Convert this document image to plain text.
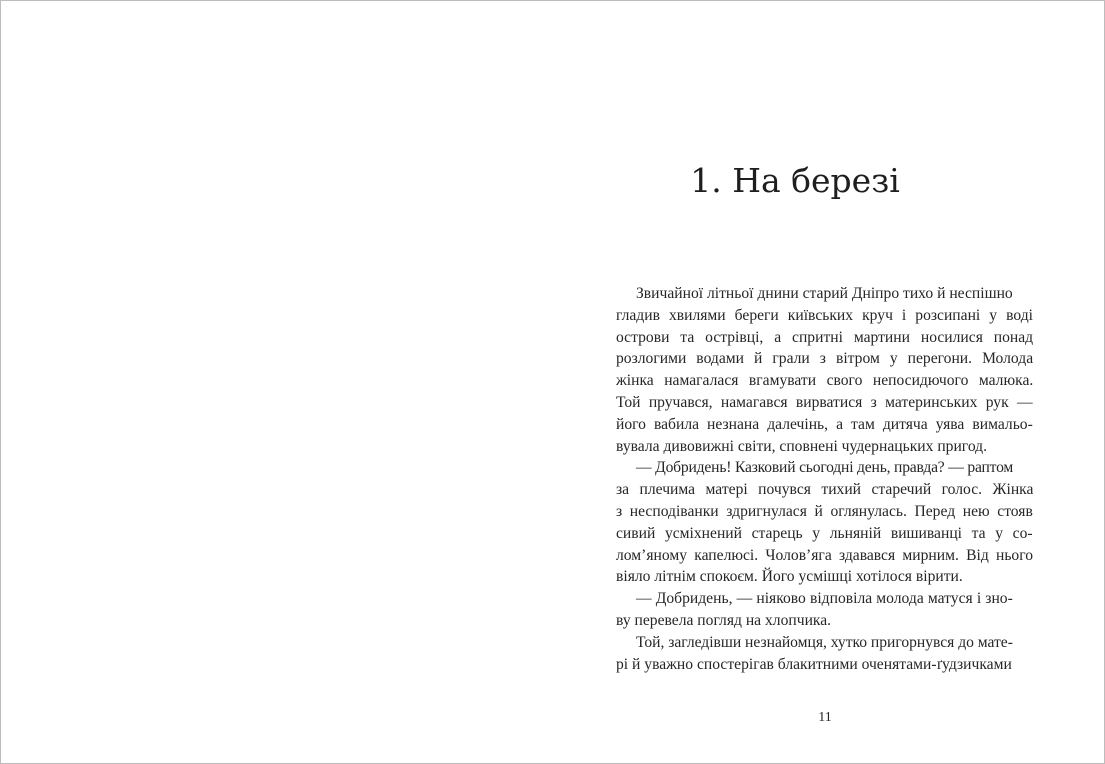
1. На березі
Звичайної літньої днини старий Дніпро тихо й неспішно
гладив хвилями береги київських круч і розсипані у воді
острови та острівці, а спритні мартини носилися понад
розлогими водами й грали з вітром у перегони. Молода
жінка намагалася вгамувати свого непосидючого малюка.
Той пручався, намагався вирватися з материнських рук —
його вабила незнана далечінь, а там дитяча уява вимальо-
вувала дивовижні світи, сповнені чудернацьких пригод.
— Добридень! Казковий сьогодні день, правда? — раптом
за плечима матері почувся тихий старечий голос. Жінка
з несподіванки здригнулася й оглянулась. Перед нею стояв
сивий усміхнений старець у льняній вишиванці та у со-
лом’яному капелюсі. Чолов’яга здавався мирним. Від нього
віяло літнім спокоєм. Його усмішці хотілося вірити.
— Добридень, — ніяково відповіла молода матуся і зно-
ву перевела погляд на хлопчика.
Той, загледівши незнайомця, хутко пригорнувся до мате-
рі й уважно спостерігав блакитними оченятами-ґудзичками
11
